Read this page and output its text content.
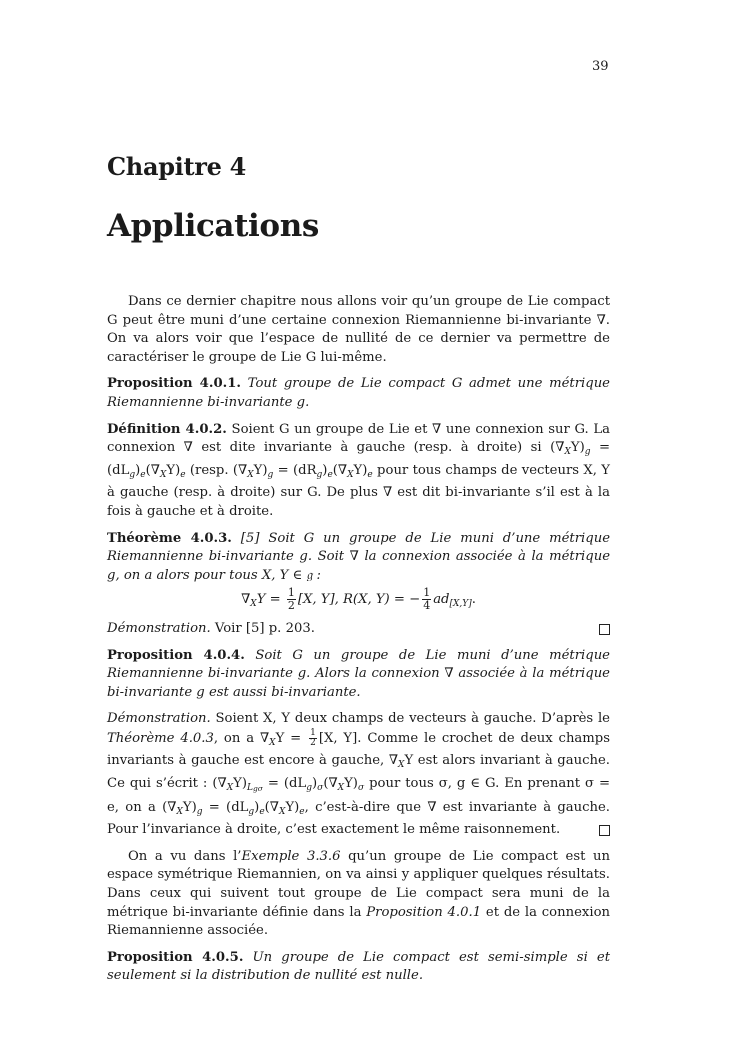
39
Chapitre 4
Applications

Dans ce dernier chapitre nous allons voir qu’un groupe de Lie compact G peut être muni d’une certaine connexion Riemannienne bi-invariante ∇. On va alors voir que l’espace de nullité de ce dernier va permettre de caractériser le groupe de Lie G lui-même.

Proposition 4.0.1. Tout groupe de Lie compact G admet une métrique Riemannienne bi-invariante g.

Définition 4.0.2. Soient G un groupe de Lie et ∇ une connexion sur G. La connexion ∇ est dite invariante à gauche (resp. à droite) si $(\nabla_XY)_g = (dL_g)_e(\nabla_XY)_e$ (resp. $(\nabla_XY)_g = (dR_g)_e(\nabla_XY)_e$ pour tous champs de vecteurs X, Y à gauche (resp. à droite) sur G. De plus ∇ est dit bi-invariante s’il est à la fois à gauche et à droite.

Théorème 4.0.3. [5] Soit G un groupe de Lie muni d’une métrique Riemannienne bi-invariante g. Soit ∇ la connexion associée à la métrique g, on a alors pour tous X, Y ∈ 𝔤 :

$\nabla_XY = \frac{1}{2} [X$, Y], R(X, Y) = − $\frac{1}{4} ad_{[X,Y]}$.

Démonstration. Voir [5] p. 203.

Proposition 4.0.4. Soit G un groupe de Lie muni d’une métrique Riemannienne bi-invariante g. Alors la connexion ∇ associée à la métrique bi-invariante g est aussi bi-invariante.

Démonstration. Soient X, Y deux champs de vecteurs à gauche. D’après le Théorème 4.0.3, on a $\nabla_XY = \frac{1}{2} [X$, Y]. Comme le crochet de deux champs invariants à gauche est encore à gauche, $\nabla_XY$ est alors invariant à gauche. Ce qui s’écrit : $(\nabla_XY)_{Lg\sigma} = (dL_g)_\sigma(\nabla_XY)_\sigma$ pour tous σ, g ∈ G. En prenant σ = e, on a $(\nabla_XY)_g = (dL_g)_e(\nabla_XY)_e$, c’est-à-dire que ∇ est invariante à gauche. Pour l’invariance à droite, c’est exactement le même raisonnement.

On a vu dans l’Exemple 3.3.6 qu’un groupe de Lie compact est un espace symétrique Riemannien, on va ainsi y appliquer quelques résultats. Dans ceux qui suivent tout groupe de Lie compact sera muni de la métrique bi-invariante définie dans la Proposition 4.0.1 et de la connexion Riemannienne associée.

Proposition 4.0.5. Un groupe de Lie compact est semi-simple si et seulement si la distribution de nullité est nulle.
